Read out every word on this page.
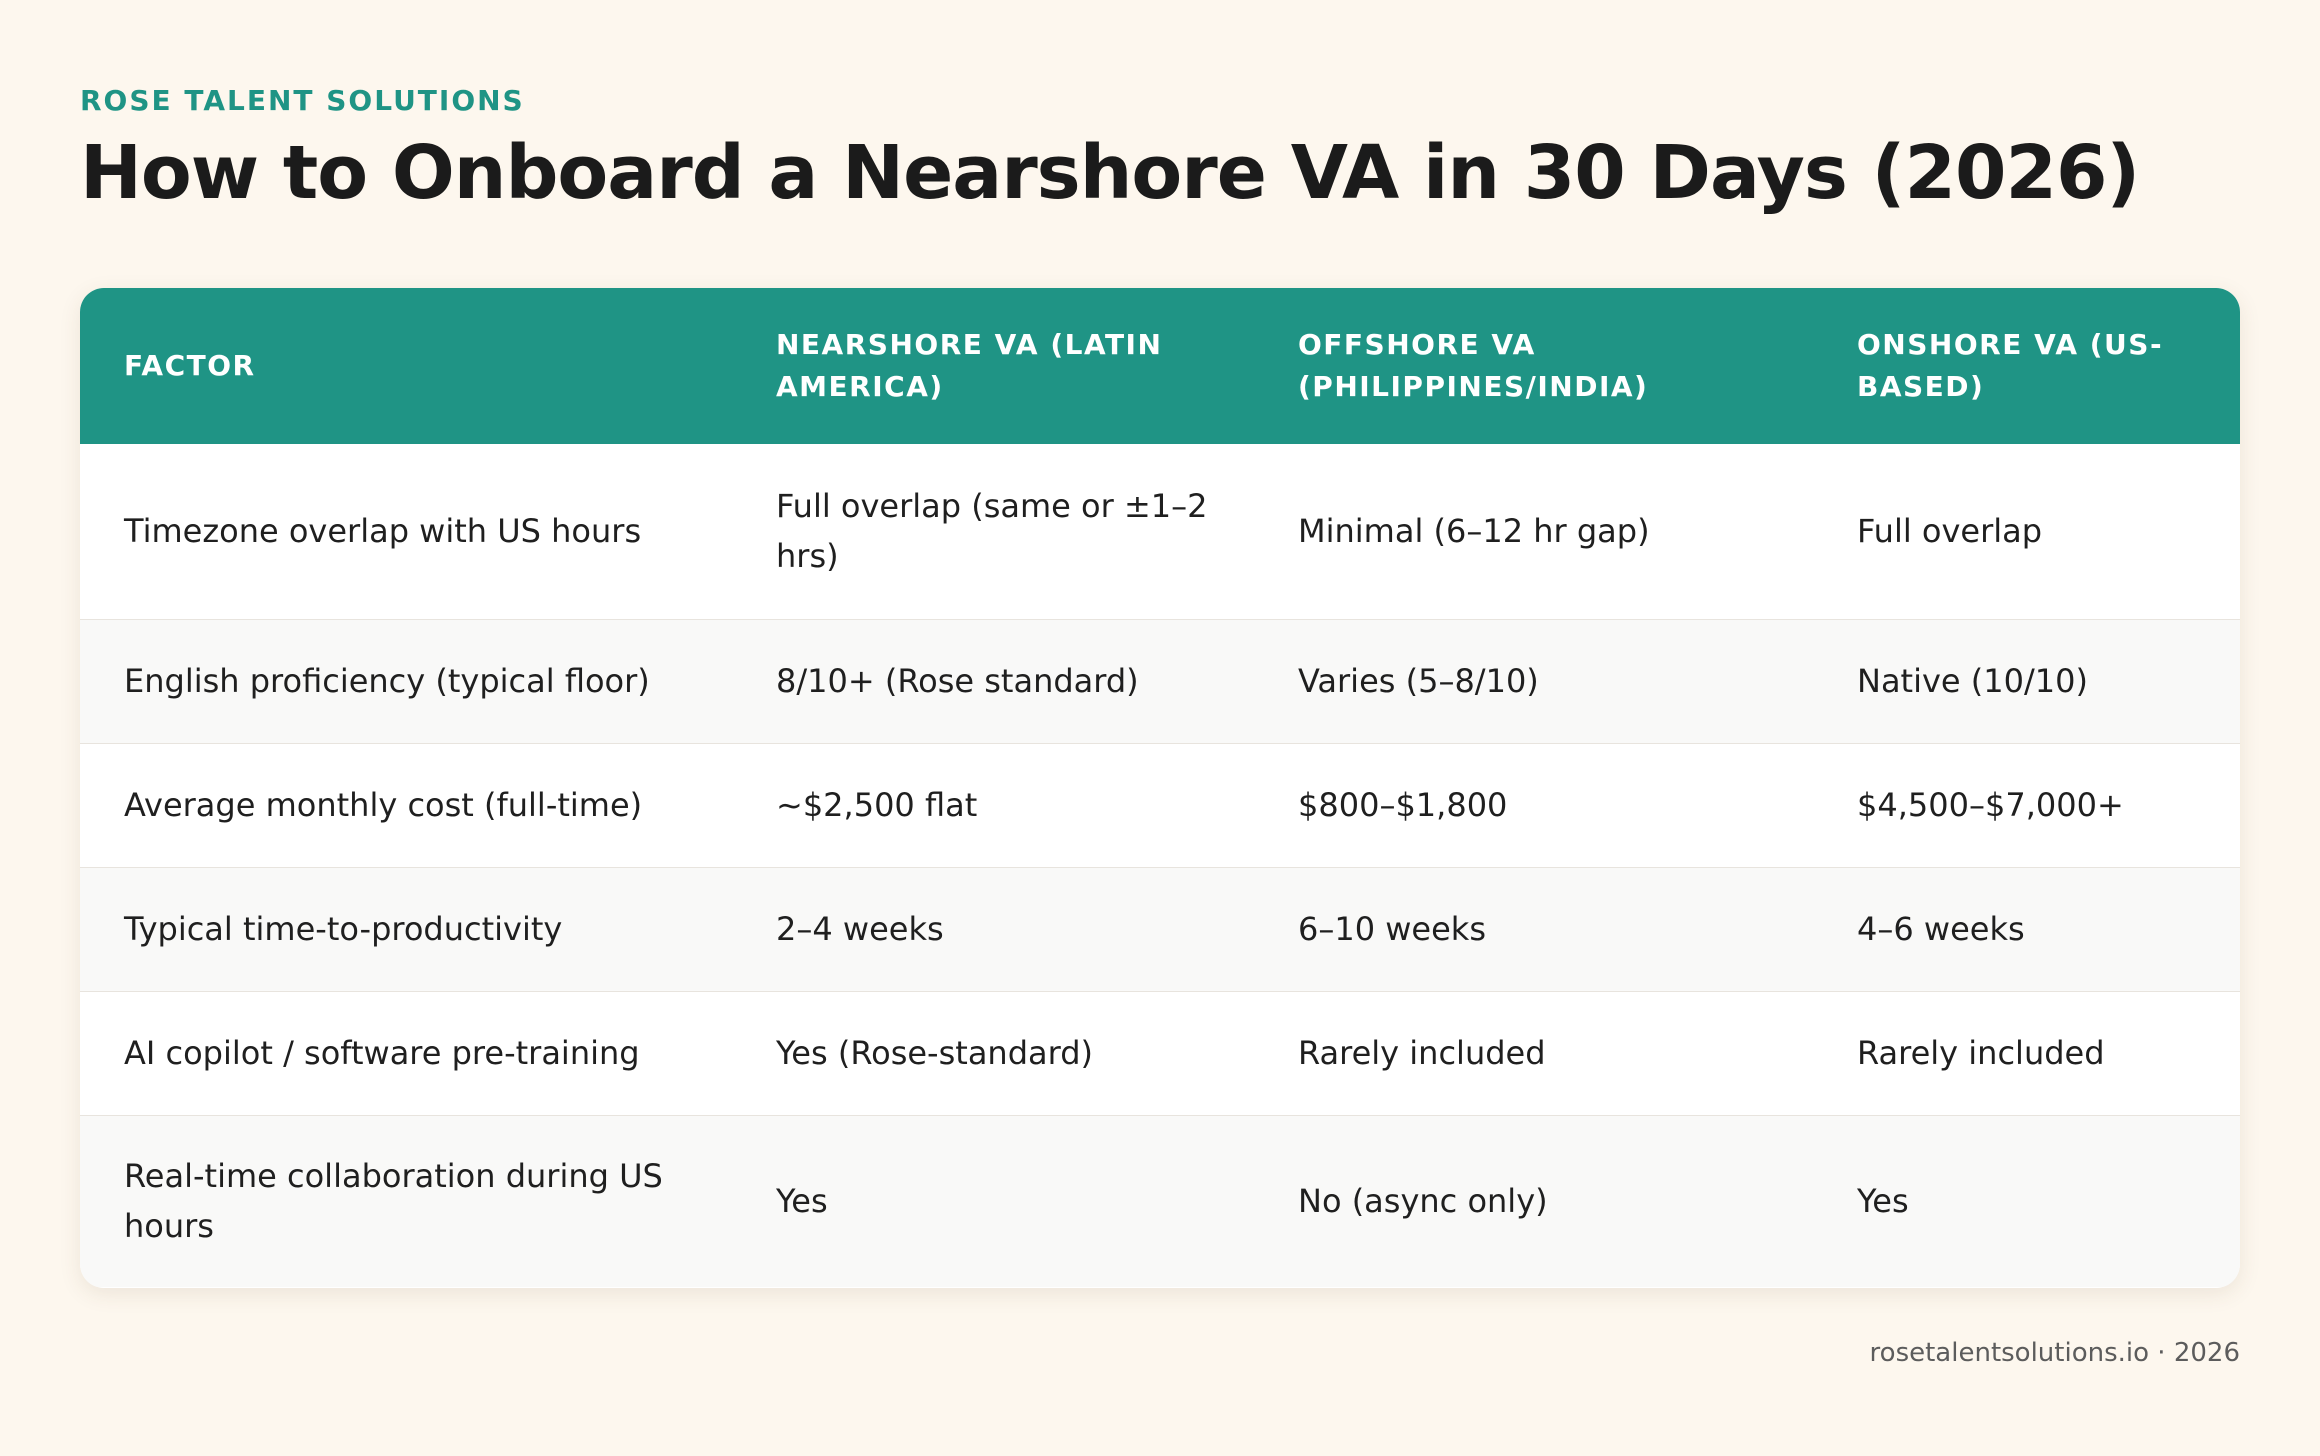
ROSE TALENT SOLUTIONS
How to Onboard a Nearshore VA in 30 Days (2026)
FACTOR	NEARSHORE VA (LATIN AMERICA)	OFFSHORE VA (PHILIPPINES/INDIA)	ONSHORE VA (US-BASED)
Timezone overlap with US hours	Full overlap (same or ±1–2 hrs)	Minimal (6–12 hr gap)	Full overlap
English proficiency (typical floor)	8/10+ (Rose standard)	Varies (5–8/10)	Native (10/10)
Average monthly cost (full-time)	~$2,500 flat	$800–$1,800	$4,500–$7,000+
Typical time-to-productivity	2–4 weeks	6–10 weeks	4–6 weeks
AI copilot / software pre-training	Yes (Rose-standard)	Rarely included	Rarely included
Real-time collaboration during US hours	Yes	No (async only)	Yes
rosetalentsolutions.io · 2026
